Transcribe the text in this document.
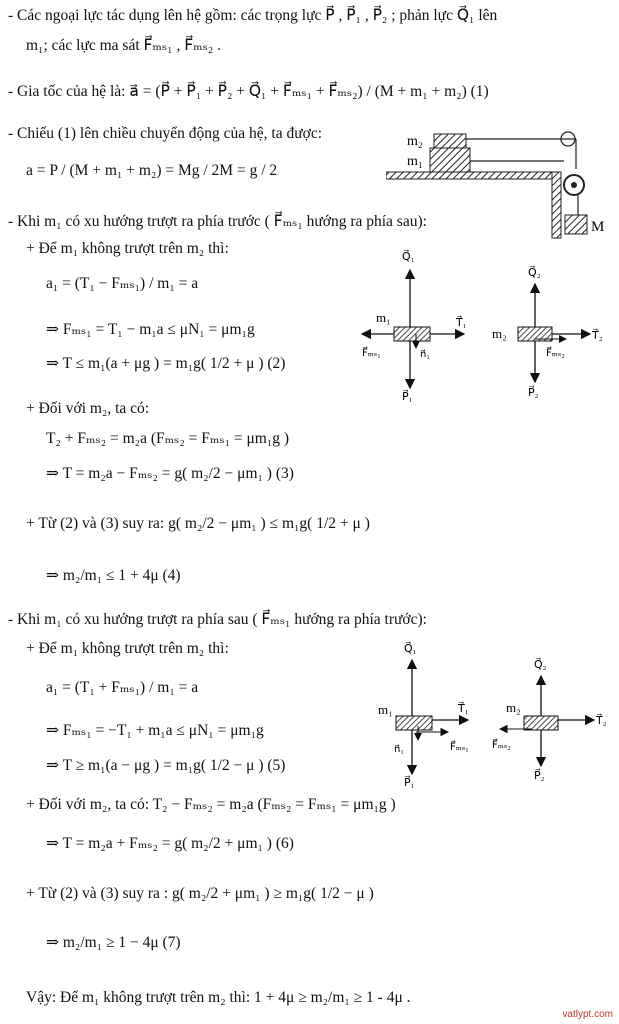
- Các ngoại lực tác dụng lên hệ gồm: các trọng lực P⃗ , P⃗₁ , P⃗₂ ; phản lực Q⃗₁ lên
m₁; các lực ma sát F⃗ₘₛ₁ , F⃗ₘₛ₂ .
- Gia tốc của hệ là: a⃗ = (P⃗ + P⃗₁ + P⃗₂ + Q⃗₁ + F⃗ₘₛ₁ + F⃗ₘₛ₂) / (M + m₁ + m₂) (1)
- Chiếu (1) lên chiều chuyển động của hệ, ta được:
a = P / (M + m₁ + m₂) = Mg / 2M = g / 2
- Khi m₁ có xu hướng trượt ra phía trước ( F⃗ₘₛ₁ hướng ra phía sau):
+ Để m₁ không trượt trên m₂ thì:
a₁ = (T₁ − Fₘₛ₁) / m₁ = a
⇒ Fₘₛ₁ = T₁ − m₁a ≤ μN₁ = μm₁g
⇒ T ≤ m₁(a + μg ) = m₁g( 1/2 + μ ) (2)
+ Đối với m₂, ta có:
T₂ + Fₘₛ₂ = m₂a (Fₘₛ₂ = Fₘₛ₁ = μm₁g )
⇒ T = m₂a − Fₘₛ₂ = g( m₂/2 − μm₁ ) (3)
+ Từ (2) và (3) suy ra: g( m₂/2 − μm₁ ) ≤ m₁g( 1/2 + μ )
⇒ m₂/m₁ ≤ 1 + 4μ (4)
- Khi m₁ có xu hướng trượt ra phía sau ( F⃗ₘₛ₁ hướng ra phía trước):
+ Để m₁ không trượt trên m₂ thì:
a₁ = (T₁ + Fₘₛ₁) / m₁ = a
⇒ Fₘₛ₁ = −T₁ + m₁a ≤ μN₁ = μm₁g
⇒ T ≥ m₁(a − μg ) = m₁g( 1/2 − μ ) (5)
+ Đối với m₂, ta có: T₂ − Fₘₛ₂ = m₂a (Fₘₛ₂ = Fₘₛ₁ = μm₁g )
⇒ T = m₂a + Fₘₛ₂ = g( m₂/2 + μm₁ ) (6)
+ Từ (2) và (3) suy ra : g( m₂/2 + μm₁ ) ≥ m₁g( 1/2 − μ )
⇒ m₂/m₁ ≥ 1 − 4μ (7)
Vậy: Để m₁ không trượt trên m₂ thì: 1 + 4μ ≥ m₂/m₁ ≥ 1 - 4μ .
m₂
m₁
M
m₁
Q⃗₁
T⃗₁
F⃗ₘₛ₁	n⃗₁
P⃗₁
m₂
Q⃗₂
T⃗₂
F⃗ₘₛ₂
P⃗₂
m₁
Q⃗₁
T⃗₁
n⃗₁	F⃗ₘₛ₁
P⃗₁
m₂
Q⃗₂
T⃗₂
F⃗ₘₛ₂
P⃗₂
vatlypt.com
